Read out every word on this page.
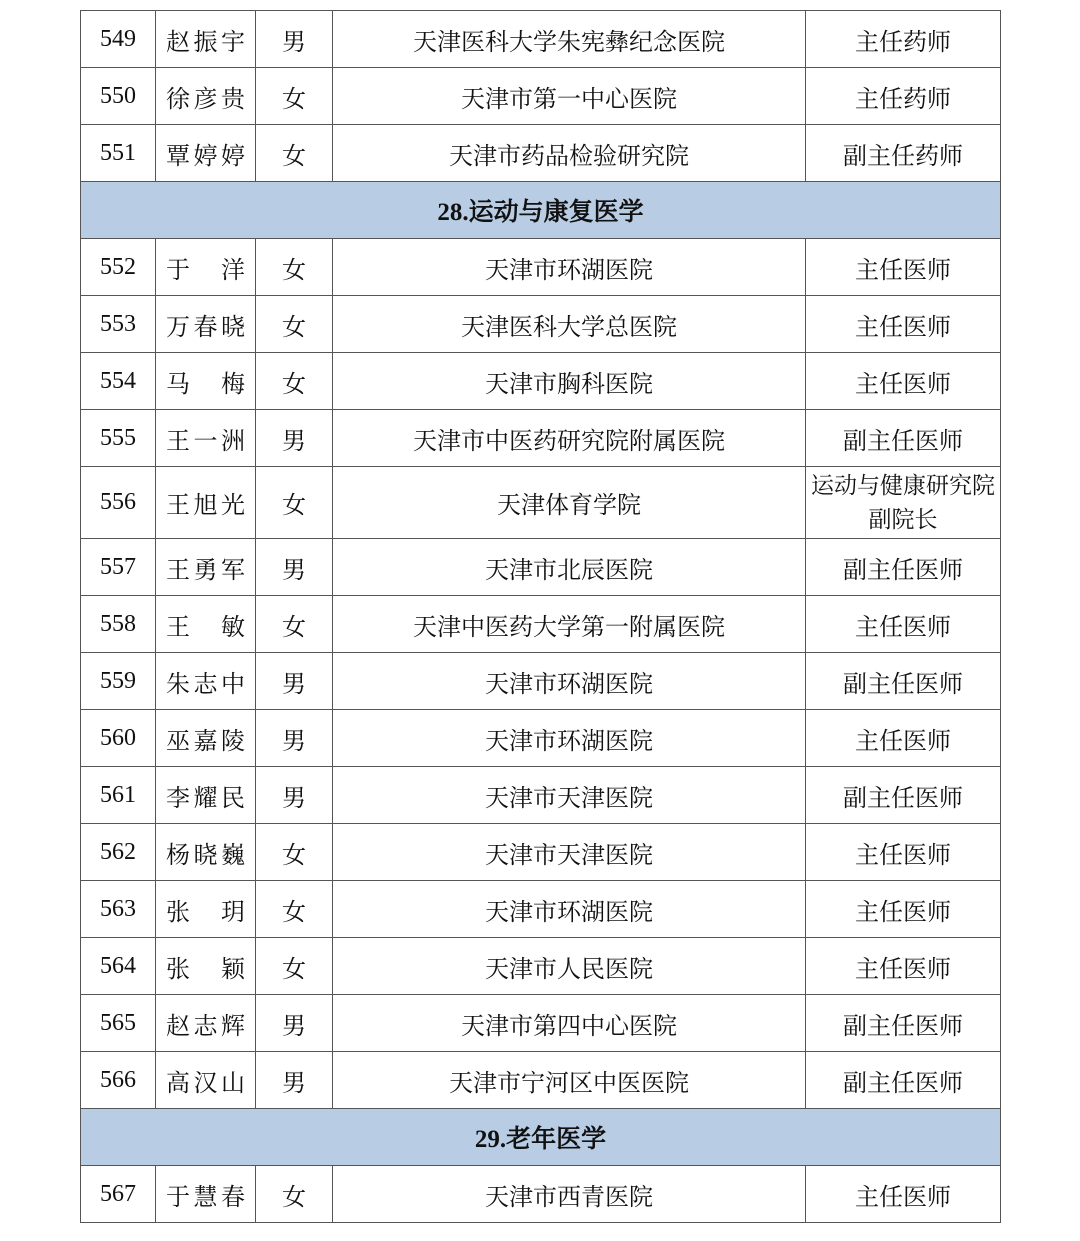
549	赵振宇	男	天津医科大学朱宪彝纪念医院	主任药师
550	徐彦贵	女	天津市第一中心医院	主任药师
551	覃婷婷	女	天津市药品检验研究院	副主任药师
28.运动与康复医学				
552	于洋	女	天津市环湖医院	主任医师
553	万春晓	女	天津医科大学总医院	主任医师
554	马梅	女	天津市胸科医院	主任医师
555	王一洲	男	天津市中医药研究院附属医院	副主任医师
556	王旭光	女	天津体育学院	运动与健康研究院副院长
557	王勇军	男	天津市北辰医院	副主任医师
558	王敏	女	天津中医药大学第一附属医院	主任医师
559	朱志中	男	天津市环湖医院	副主任医师
560	巫嘉陵	男	天津市环湖医院	主任医师
561	李耀民	男	天津市天津医院	副主任医师
562	杨晓巍	女	天津市天津医院	主任医师
563	张玥	女	天津市环湖医院	主任医师
564	张颖	女	天津市人民医院	主任医师
565	赵志辉	男	天津市第四中心医院	副主任医师
566	高汉山	男	天津市宁河区中医医院	副主任医师
29.老年医学				
567	于慧春	女	天津市西青医院	主任医师
